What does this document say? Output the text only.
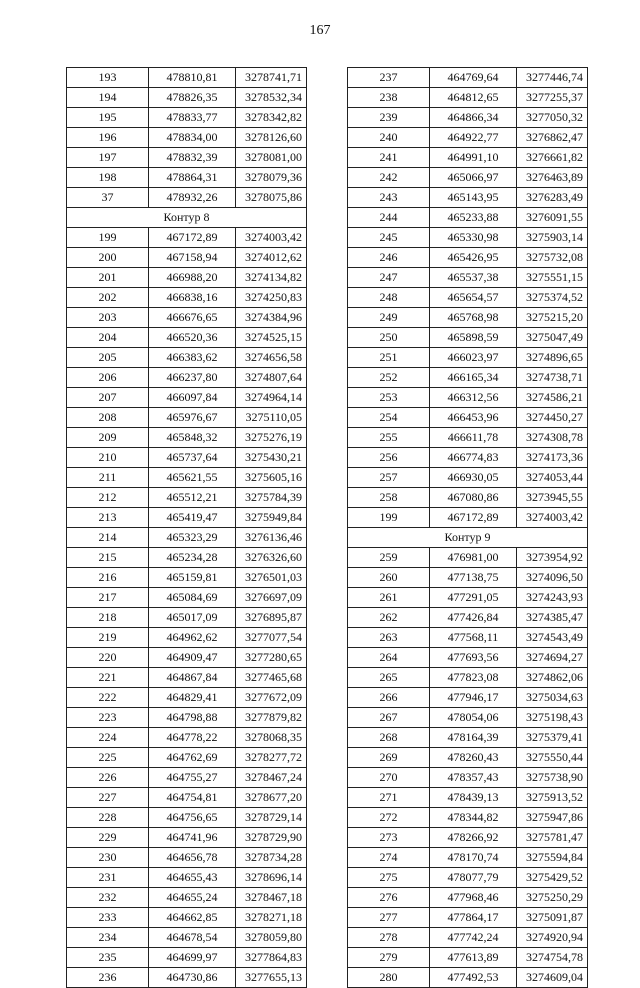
167
193	478810,81	3278741,71
194	478826,35	3278532,34
195	478833,77	3278342,82
196	478834,00	3278126,60
197	478832,39	3278081,00
198	478864,31	3278079,36
37	478932,26	3278075,86
Контур 8		
199	467172,89	3274003,42
200	467158,94	3274012,62
201	466988,20	3274134,82
202	466838,16	3274250,83
203	466676,65	3274384,96
204	466520,36	3274525,15
205	466383,62	3274656,58
206	466237,80	3274807,64
207	466097,84	3274964,14
208	465976,67	3275110,05
209	465848,32	3275276,19
210	465737,64	3275430,21
211	465621,55	3275605,16
212	465512,21	3275784,39
213	465419,47	3275949,84
214	465323,29	3276136,46
215	465234,28	3276326,60
216	465159,81	3276501,03
217	465084,69	3276697,09
218	465017,09	3276895,87
219	464962,62	3277077,54
220	464909,47	3277280,65
221	464867,84	3277465,68
222	464829,41	3277672,09
223	464798,88	3277879,82
224	464778,22	3278068,35
225	464762,69	3278277,72
226	464755,27	3278467,24
227	464754,81	3278677,20
228	464756,65	3278729,14
229	464741,96	3278729,90
230	464656,78	3278734,28
231	464655,43	3278696,14
232	464655,24	3278467,18
233	464662,85	3278271,18
234	464678,54	3278059,80
235	464699,97	3277864,83
236	464730,86	3277655,13
237	464769,64	3277446,74
238	464812,65	3277255,37
239	464866,34	3277050,32
240	464922,77	3276862,47
241	464991,10	3276661,82
242	465066,97	3276463,89
243	465143,95	3276283,49
244	465233,88	3276091,55
245	465330,98	3275903,14
246	465426,95	3275732,08
247	465537,38	3275551,15
248	465654,57	3275374,52
249	465768,98	3275215,20
250	465898,59	3275047,49
251	466023,97	3274896,65
252	466165,34	3274738,71
253	466312,56	3274586,21
254	466453,96	3274450,27
255	466611,78	3274308,78
256	466774,83	3274173,36
257	466930,05	3274053,44
258	467080,86	3273945,55
199	467172,89	3274003,42
Контур 9		
259	476981,00	3273954,92
260	477138,75	3274096,50
261	477291,05	3274243,93
262	477426,84	3274385,47
263	477568,11	3274543,49
264	477693,56	3274694,27
265	477823,08	3274862,06
266	477946,17	3275034,63
267	478054,06	3275198,43
268	478164,39	3275379,41
269	478260,43	3275550,44
270	478357,43	3275738,90
271	478439,13	3275913,52
272	478344,82	3275947,86
273	478266,92	3275781,47
274	478170,74	3275594,84
275	478077,79	3275429,52
276	477968,46	3275250,29
277	477864,17	3275091,87
278	477742,24	3274920,94
279	477613,89	3274754,78
280	477492,53	3274609,04
